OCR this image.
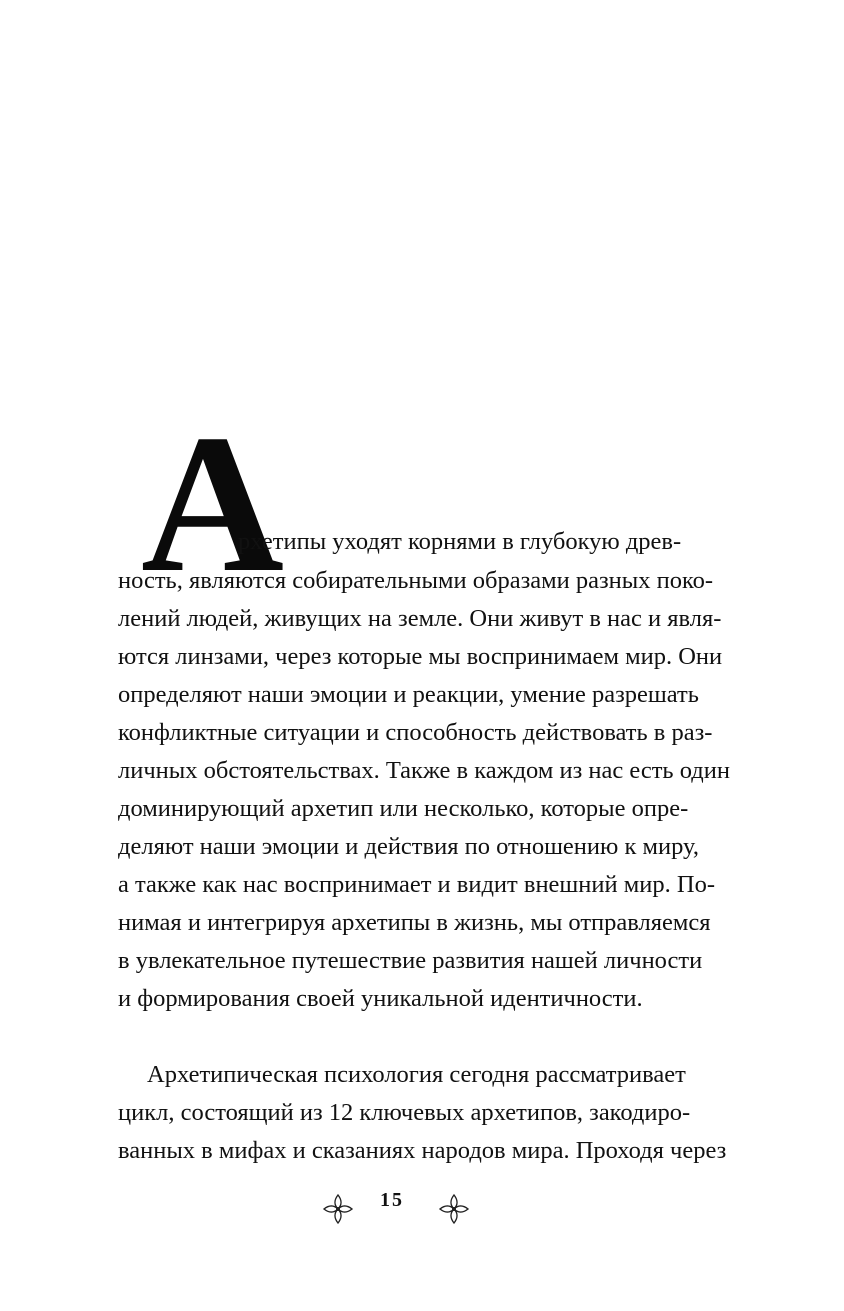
А
рхетипы уходят корнями в глубокую древ-
ность, являются собирательными образами разных поко-
лений людей, живущих на земле. Они живут в нас и явля-
ются линзами, через которые мы воспринимаем мир. Они
определяют наши эмоции и реакции, умение разрешать
конфликтные ситуации и способность действовать в раз-
личных обстоятельствах. Также в каждом из нас есть один
доминирующий архетип или несколько, которые опре-
деляют наши эмоции и действия по отношению к миру,
а также как нас воспринимает и видит внешний мир. По-
нимая и интегрируя архетипы в жизнь, мы отправляемся
в увлекательное путешествие развития нашей личности
и формирования своей уникальной идентичности.
Архетипическая психология сегодня рассматривает
цикл, состоящий из 12 ключевых архетипов, закодиро-
ванных в мифах и сказаниях народов мира. Проходя через
15
